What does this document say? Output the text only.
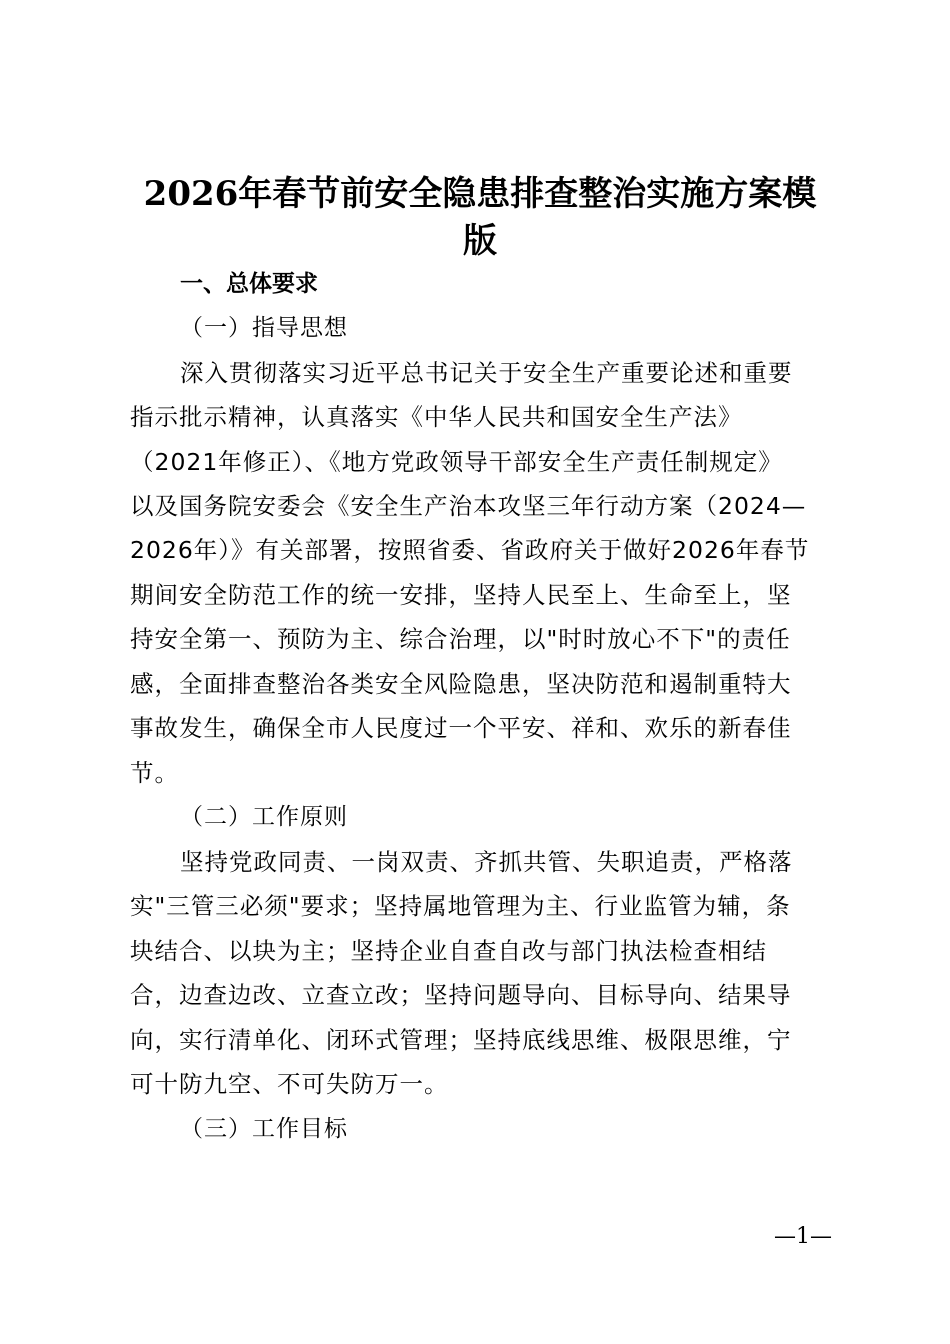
2026年春节前安全隐患排查整治实施方案模
版
一、总体要求
（一）指导思想
深入贯彻落实习近平总书记关于安全生产重要论述和重要
指示批示精神，认真落实《中华人民共和国安全生产法》
（2021年修正）、《地方党政领导干部安全生产责任制规定》
以及国务院安委会《安全生产治本攻坚三年行动方案（2024—
2026年）》有关部署，按照省委、省政府关于做好2026年春节
期间安全防范工作的统一安排，坚持人民至上、生命至上，坚
持安全第一、预防为主、综合治理，以"时时放心不下"的责任
感，全面排查整治各类安全风险隐患，坚决防范和遏制重特大
事故发生，确保全市人民度过一个平安、祥和、欢乐的新春佳
节。
（二）工作原则
坚持党政同责、一岗双责、齐抓共管、失职追责，严格落
实"三管三必须"要求；坚持属地管理为主、行业监管为辅，条
块结合、以块为主；坚持企业自查自改与部门执法检查相结
合，边查边改、立查立改；坚持问题导向、目标导向、结果导
向，实行清单化、闭环式管理；坚持底线思维、极限思维，宁
可十防九空、不可失防万一。
（三）工作目标
—1—
